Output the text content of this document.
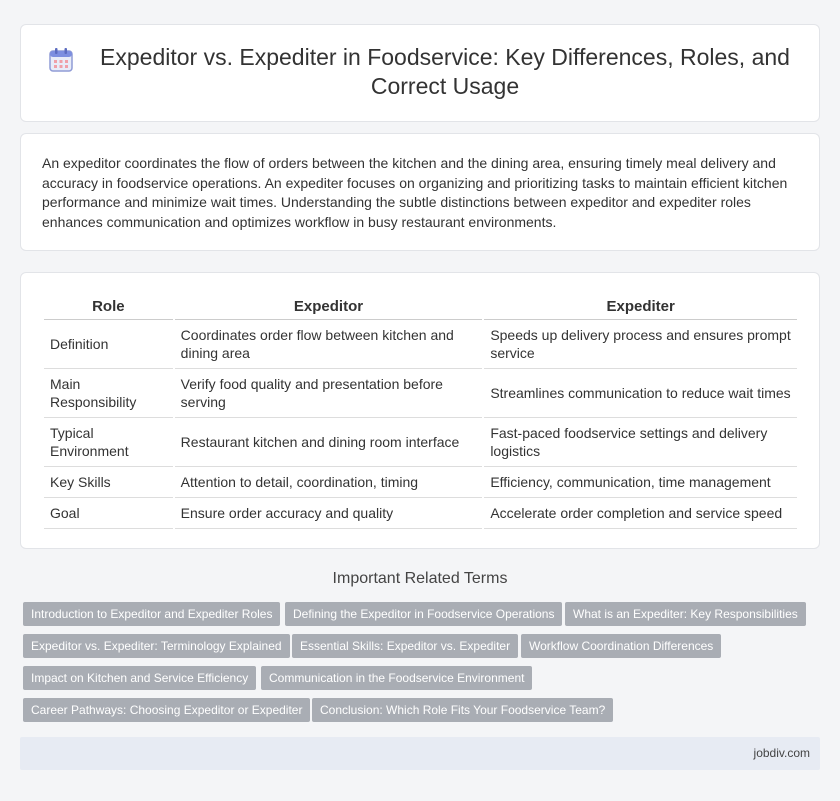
Expeditor vs. Expediter in Foodservice: Key Differences, Roles, and Correct Usage

An expeditor coordinates the flow of orders between the kitchen and the dining area, ensuring timely meal delivery and accuracy in foodservice operations. An expediter focuses on organizing and prioritizing tasks to maintain efficient kitchen performance and minimize wait times. Understanding the subtle distinctions between expeditor and expediter roles enhances communication and optimizes workflow in busy restaurant environments.

Role	Expeditor	Expediter
Definition	Coordinates order flow between kitchen and dining area	Speeds up delivery process and ensures prompt service
Main Responsibility	Verify food quality and presentation before serving	Streamlines communication to reduce wait times
Typical Environment	Restaurant kitchen and dining room interface	Fast-paced foodservice settings and delivery logistics
Key Skills	Attention to detail, coordination, timing	Efficiency, communication, time management
Goal	Ensure order accuracy and quality	Accelerate order completion and service speed
Important Related Terms
Introduction to Expeditor and Expediter Roles	Defining the Expeditor in Foodservice Operations	What is an Expediter: Key Responsibilities
Expeditor vs. Expediter: Terminology Explained	Essential Skills: Expeditor vs. Expediter	Workflow Coordination Differences
Impact on Kitchen and Service Efficiency	Communication in the Foodservice Environment
Career Pathways: Choosing Expeditor or Expediter	Conclusion: Which Role Fits Your Foodservice Team?
jobdiv.com
